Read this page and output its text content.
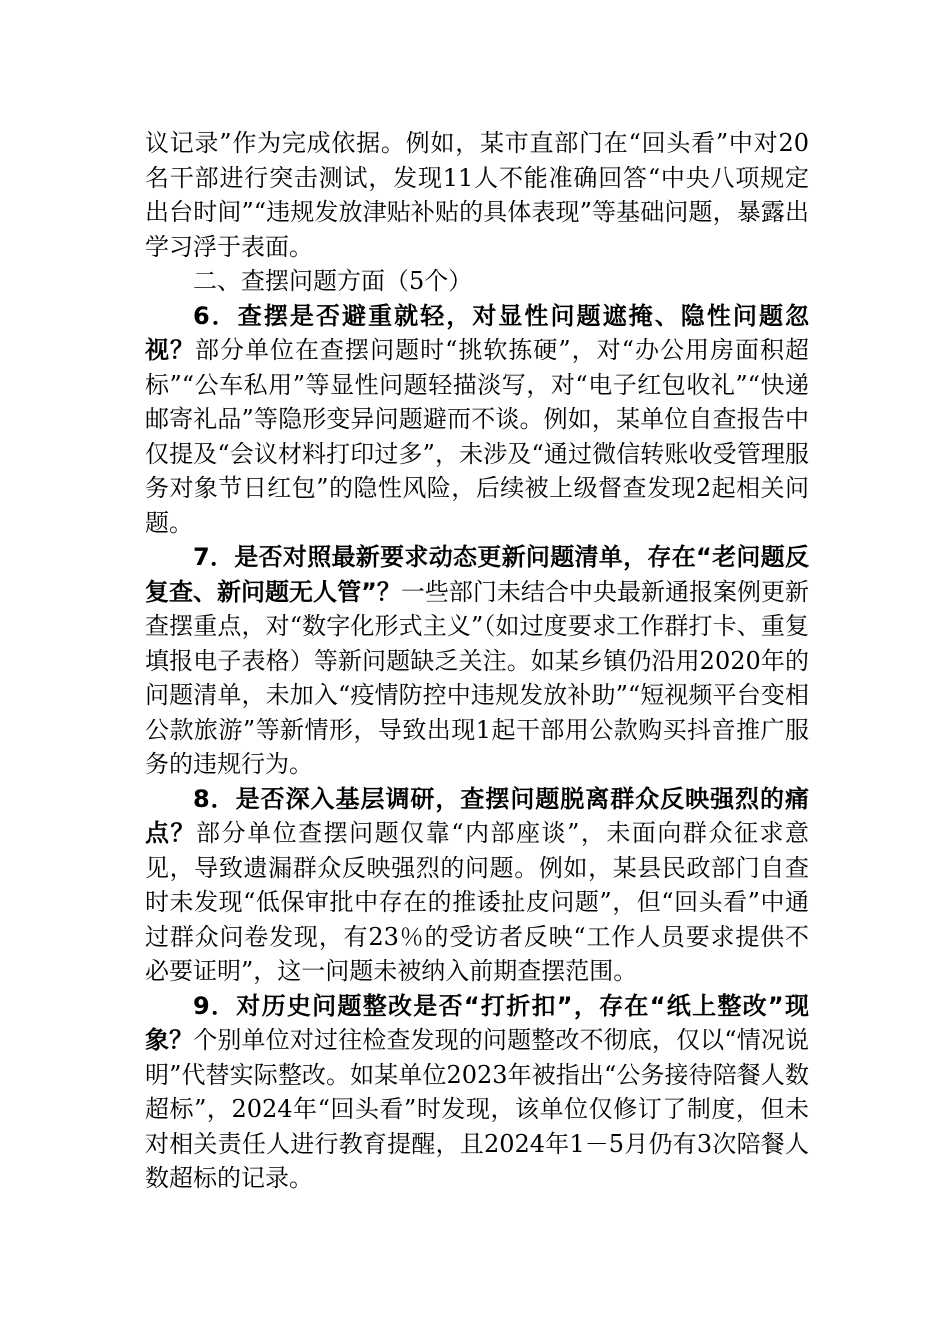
议记录”作为完成依据。例如，某市直部门在“回头看”中对20名干部进行突击测试，发现11人不能准确回答“中央八项规定出台时间”“违规发放津贴补贴的具体表现”等基础问题，暴露出学习浮于表面。

二、查摆问题方面（5个）

6．查摆是否避重就轻，对显性问题遮掩、隐性问题忽视？部分单位在查摆问题时“挑软拣硬”，对“办公用房面积超标”“公车私用”等显性问题轻描淡写，对“电子红包收礼”“快递邮寄礼品”等隐形变异问题避而不谈。例如，某单位自查报告中仅提及“会议材料打印过多”，未涉及“通过微信转账收受管理服务对象节日红包”的隐性风险，后续被上级督查发现2起相关问题。

7．是否对照最新要求动态更新问题清单，存在“老问题反复查、新问题无人管”？一些部门未结合中央最新通报案例更新查摆重点，对“数字化形式主义”（如过度要求工作群打卡、重复填报电子表格）等新问题缺乏关注。如某乡镇仍沿用2020年的问题清单，未加入“疫情防控中违规发放补助”“短视频平台变相公款旅游”等新情形，导致出现1起干部用公款购买抖音推广服务的违规行为。

8．是否深入基层调研，查摆问题脱离群众反映强烈的痛点？部分单位查摆问题仅靠“内部座谈”，未面向群众征求意见，导致遗漏群众反映强烈的问题。例如，某县民政部门自查时未发现“低保审批中存在的推诿扯皮问题”，但“回头看”中通过群众问卷发现，有23％的受访者反映“工作人员要求提供不必要证明”，这一问题未被纳入前期查摆范围。

9．对历史问题整改是否“打折扣”，存在“纸上整改”现象？个别单位对过往检查发现的问题整改不彻底，仅以“情况说明”代替实际整改。如某单位2023年被指出“公务接待陪餐人数超标”，2024年“回头看”时发现，该单位仅修订了制度，但未对相关责任人进行教育提醒，且2024年1－5月仍有3次陪餐人数超标的记录。
